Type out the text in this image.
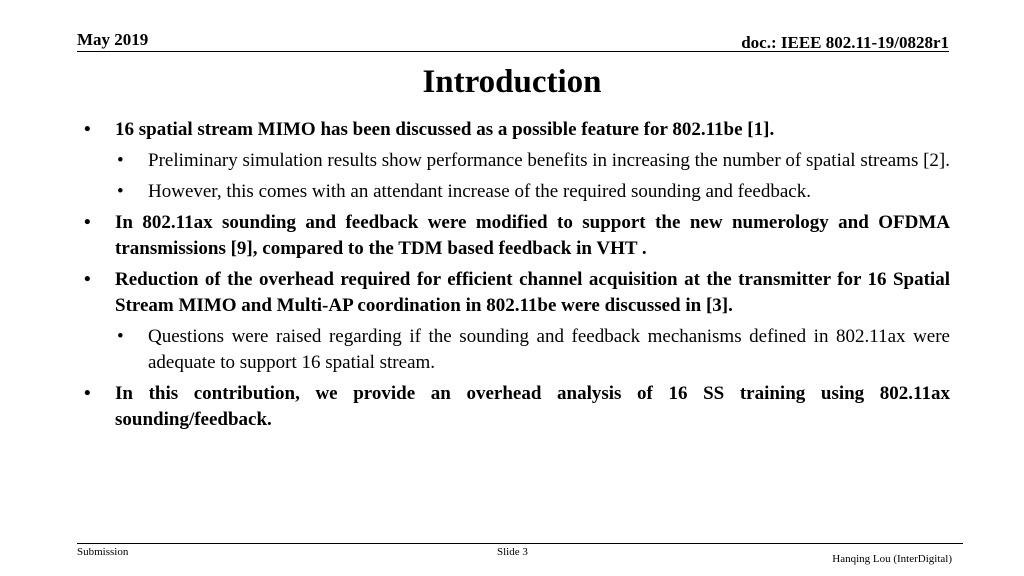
May 2019	doc.: IEEE 802.11-19/0828r1
Introduction
• 16 spatial stream MIMO has been discussed as a possible feature for 802.11be [1].
• Preliminary simulation results show performance benefits in increasing the number of spatial streams [2].
• However, this comes with an attendant increase of the required sounding and feedback.
• In 802.11ax sounding and feedback were modified to support the new numerology and OFDMA transmissions [9], compared to the TDM based feedback in VHT .
• Reduction of the overhead required for efficient channel acquisition at the transmitter for 16 Spatial Stream MIMO and Multi-AP coordination in 802.11be were discussed in [3].
• Questions were raised regarding if the sounding and feedback mechanisms defined in 802.11ax were adequate to support 16 spatial stream.
• In this contribution, we provide an overhead analysis of 16 SS training using 802.11ax sounding/feedback.
Submission	Slide 3
Hanqing Lou (InterDigital)
